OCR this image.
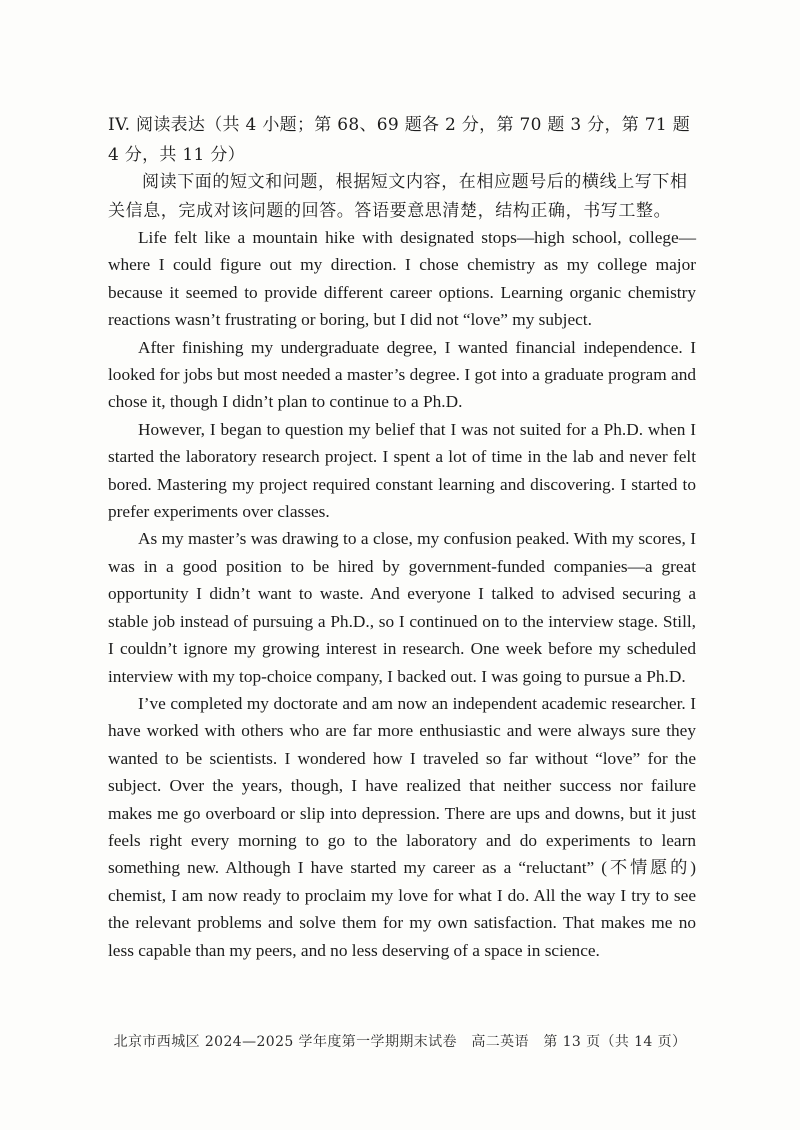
IV. 阅读表达（共 4 小题；第 68、69 题各 2 分，第 70 题 3 分，第 71 题 4 分，共 11 分）

阅读下面的短文和问题，根据短文内容，在相应题号后的横线上写下相关信息，完成对该问题的回答。答语要意思清楚，结构正确，书写工整。

Life felt like a mountain hike with designated stops—high school, college—where I could figure out my direction. I chose chemistry as my college major because it seemed to provide different career options. Learning organic chemistry reactions wasn’t frustrating or boring, but I did not “love” my subject.

After finishing my undergraduate degree, I wanted financial independence. I looked for jobs but most needed a master’s degree. I got into a graduate program and chose it, though I didn’t plan to continue to a Ph.D.

However, I began to question my belief that I was not suited for a Ph.D. when I started the laboratory research project. I spent a lot of time in the lab and never felt bored. Mastering my project required constant learning and discovering. I started to prefer experiments over classes.

As my master’s was drawing to a close, my confusion peaked. With my scores, I was in a good position to be hired by government-funded companies—a great opportunity I didn’t want to waste. And everyone I talked to advised securing a stable job instead of pursuing a Ph.D., so I continued on to the interview stage. Still, I couldn’t ignore my growing interest in research. One week before my scheduled interview with my top-choice company, I backed out. I was going to pursue a Ph.D.

I’ve completed my doctorate and am now an independent academic researcher. I have worked with others who are far more enthusiastic and were always sure they wanted to be scientists. I wondered how I traveled so far without “love” for the subject. Over the years, though, I have realized that neither success nor failure makes me go overboard or slip into depression. There are ups and downs, but it just feels right every morning to go to the laboratory and do experiments to learn something new. Although I have started my career as a “reluctant” (不情愿的) chemist, I am now ready to proclaim my love for what I do. All the way I try to see the relevant problems and solve them for my own satisfaction. That makes me no less capable than my peers, and no less deserving of a space in science.

北京市西城区 2024—2025 学年度第一学期期末试卷　高二英语　第 13 页（共 14 页）
